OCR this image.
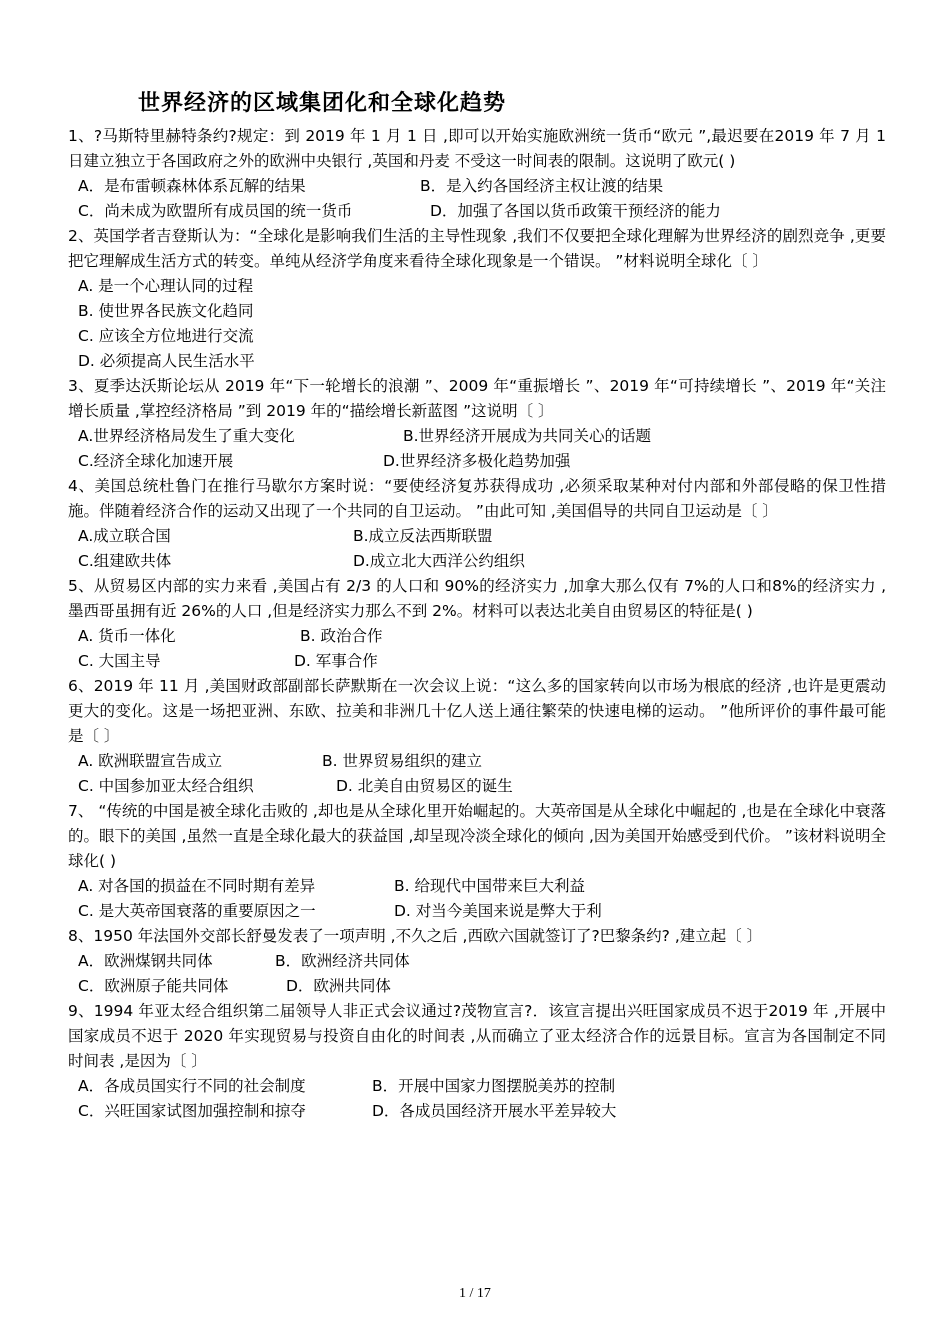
世界经济的区域集团化和全球化趋势
1、?马斯特里赫特条约?规定：到 2019 年 1 月 1 日 ,即可以开始实施欧洲统一货币“欧元 ”,最迟要在2019 年 7 月 1 日建立独立于各国政府之外的欧洲中央银行 ,英国和丹麦 不受这一时间表的限制。这说明了欧元( )
A．是布雷顿森林体系瓦解的结果	B．是入约各国经济主权让渡的结果
C．尚未成为欧盟所有成员国的统一货币	D．加强了各国以货币政策干预经济的能力
2、英国学者吉登斯认为：“全球化是影响我们生活的主导性现象 ,我们不仅要把全球化理解为世界经济的剧烈竞争 ,更要把它理解成生活方式的转变。单纯从经济学角度来看待全球化现象是一个错误。 ”材料说明全球化〔 〕
A. 是一个心理认同的过程
B. 使世界各民族文化趋同
C. 应该全方位地进行交流
D. 必须提高人民生活水平
3、夏季达沃斯论坛从 2019 年“下一轮增长的浪潮 ”、2009 年“重振增长 ”、2019 年“可持续增长 ”、2019 年“关注增长质量 ,掌控经济格局 ”到 2019 年的“描绘增长新蓝图 ”这说明〔 〕
A.世界经济格局发生了重大变化	B.世界经济开展成为共同关心的话题
C.经济全球化加速开展	D.世界经济多极化趋势加强
4、美国总统杜鲁门在推行马歇尔方案时说：“要使经济复苏获得成功 ,必须采取某种对付内部和外部侵略的保卫性措施。伴随着经济合作的运动又出现了一个共同的自卫运动。 ”由此可知 ,美国倡导的共同自卫运动是〔 〕
A.成立联合国	B.成立反法西斯联盟
C.组建欧共体	D.成立北大西洋公约组织
5、从贸易区内部的实力来看 ,美国占有 2/3 的人口和 90%的经济实力 ,加拿大那么仅有 7%的人口和8%的经济实力 ,墨西哥虽拥有近 26%的人口 ,但是经济实力那么不到 2%。材料可以表达北美自由贸易区的特征是( )
A. 货币一体化	B. 政治合作
C. 大国主导	D. 军事合作
6、2019 年 11 月 ,美国财政部副部长萨默斯在一次会议上说：“这么多的国家转向以市场为根底的经济 ,也许是更震动更大的变化。这是一场把亚洲、东欧、拉美和非洲几十亿人送上通往繁荣的快速电梯的运动。 ”他所评价的事件最可能是〔 〕
A. 欧洲联盟宣告成立	B. 世界贸易组织的建立
C. 中国参加亚太经合组织	D. 北美自由贸易区的诞生
7、 “传统的中国是被全球化击败的 ,却也是从全球化里开始崛起的。大英帝国是从全球化中崛起的 ,也是在全球化中衰落的。眼下的美国 ,虽然一直是全球化最大的获益国 ,却呈现冷淡全球化的倾向 ,因为美国开始感受到代价。 ”该材料说明全球化( )
A. 对各国的损益在不同时期有差异	B. 给现代中国带来巨大利益
C. 是大英帝国衰落的重要原因之一	D. 对当今美国来说是弊大于利
8、1950 年法国外交部长舒曼发表了一项声明 ,不久之后 ,西欧六国就签订了?巴黎条约? ,建立起〔 〕
A．欧洲煤钢共同体	B．欧洲经济共同体
C．欧洲原子能共同体	D．欧洲共同体
9、1994 年亚太经合组织第二届领导人非正式会议通过?茂物宣言?．该宣言提出兴旺国家成员不迟于2019 年 ,开展中国家成员不迟于 2020 年实现贸易与投资自由化的时间表 ,从而确立了亚太经济合作的远景目标。宣言为各国制定不同时间表 ,是因为〔 〕
A．各成员国实行不同的社会制度	B．开展中国家力图摆脱美苏的控制
C．兴旺国家试图加强控制和掠夺	D．各成员国经济开展水平差异较大
1 / 17
